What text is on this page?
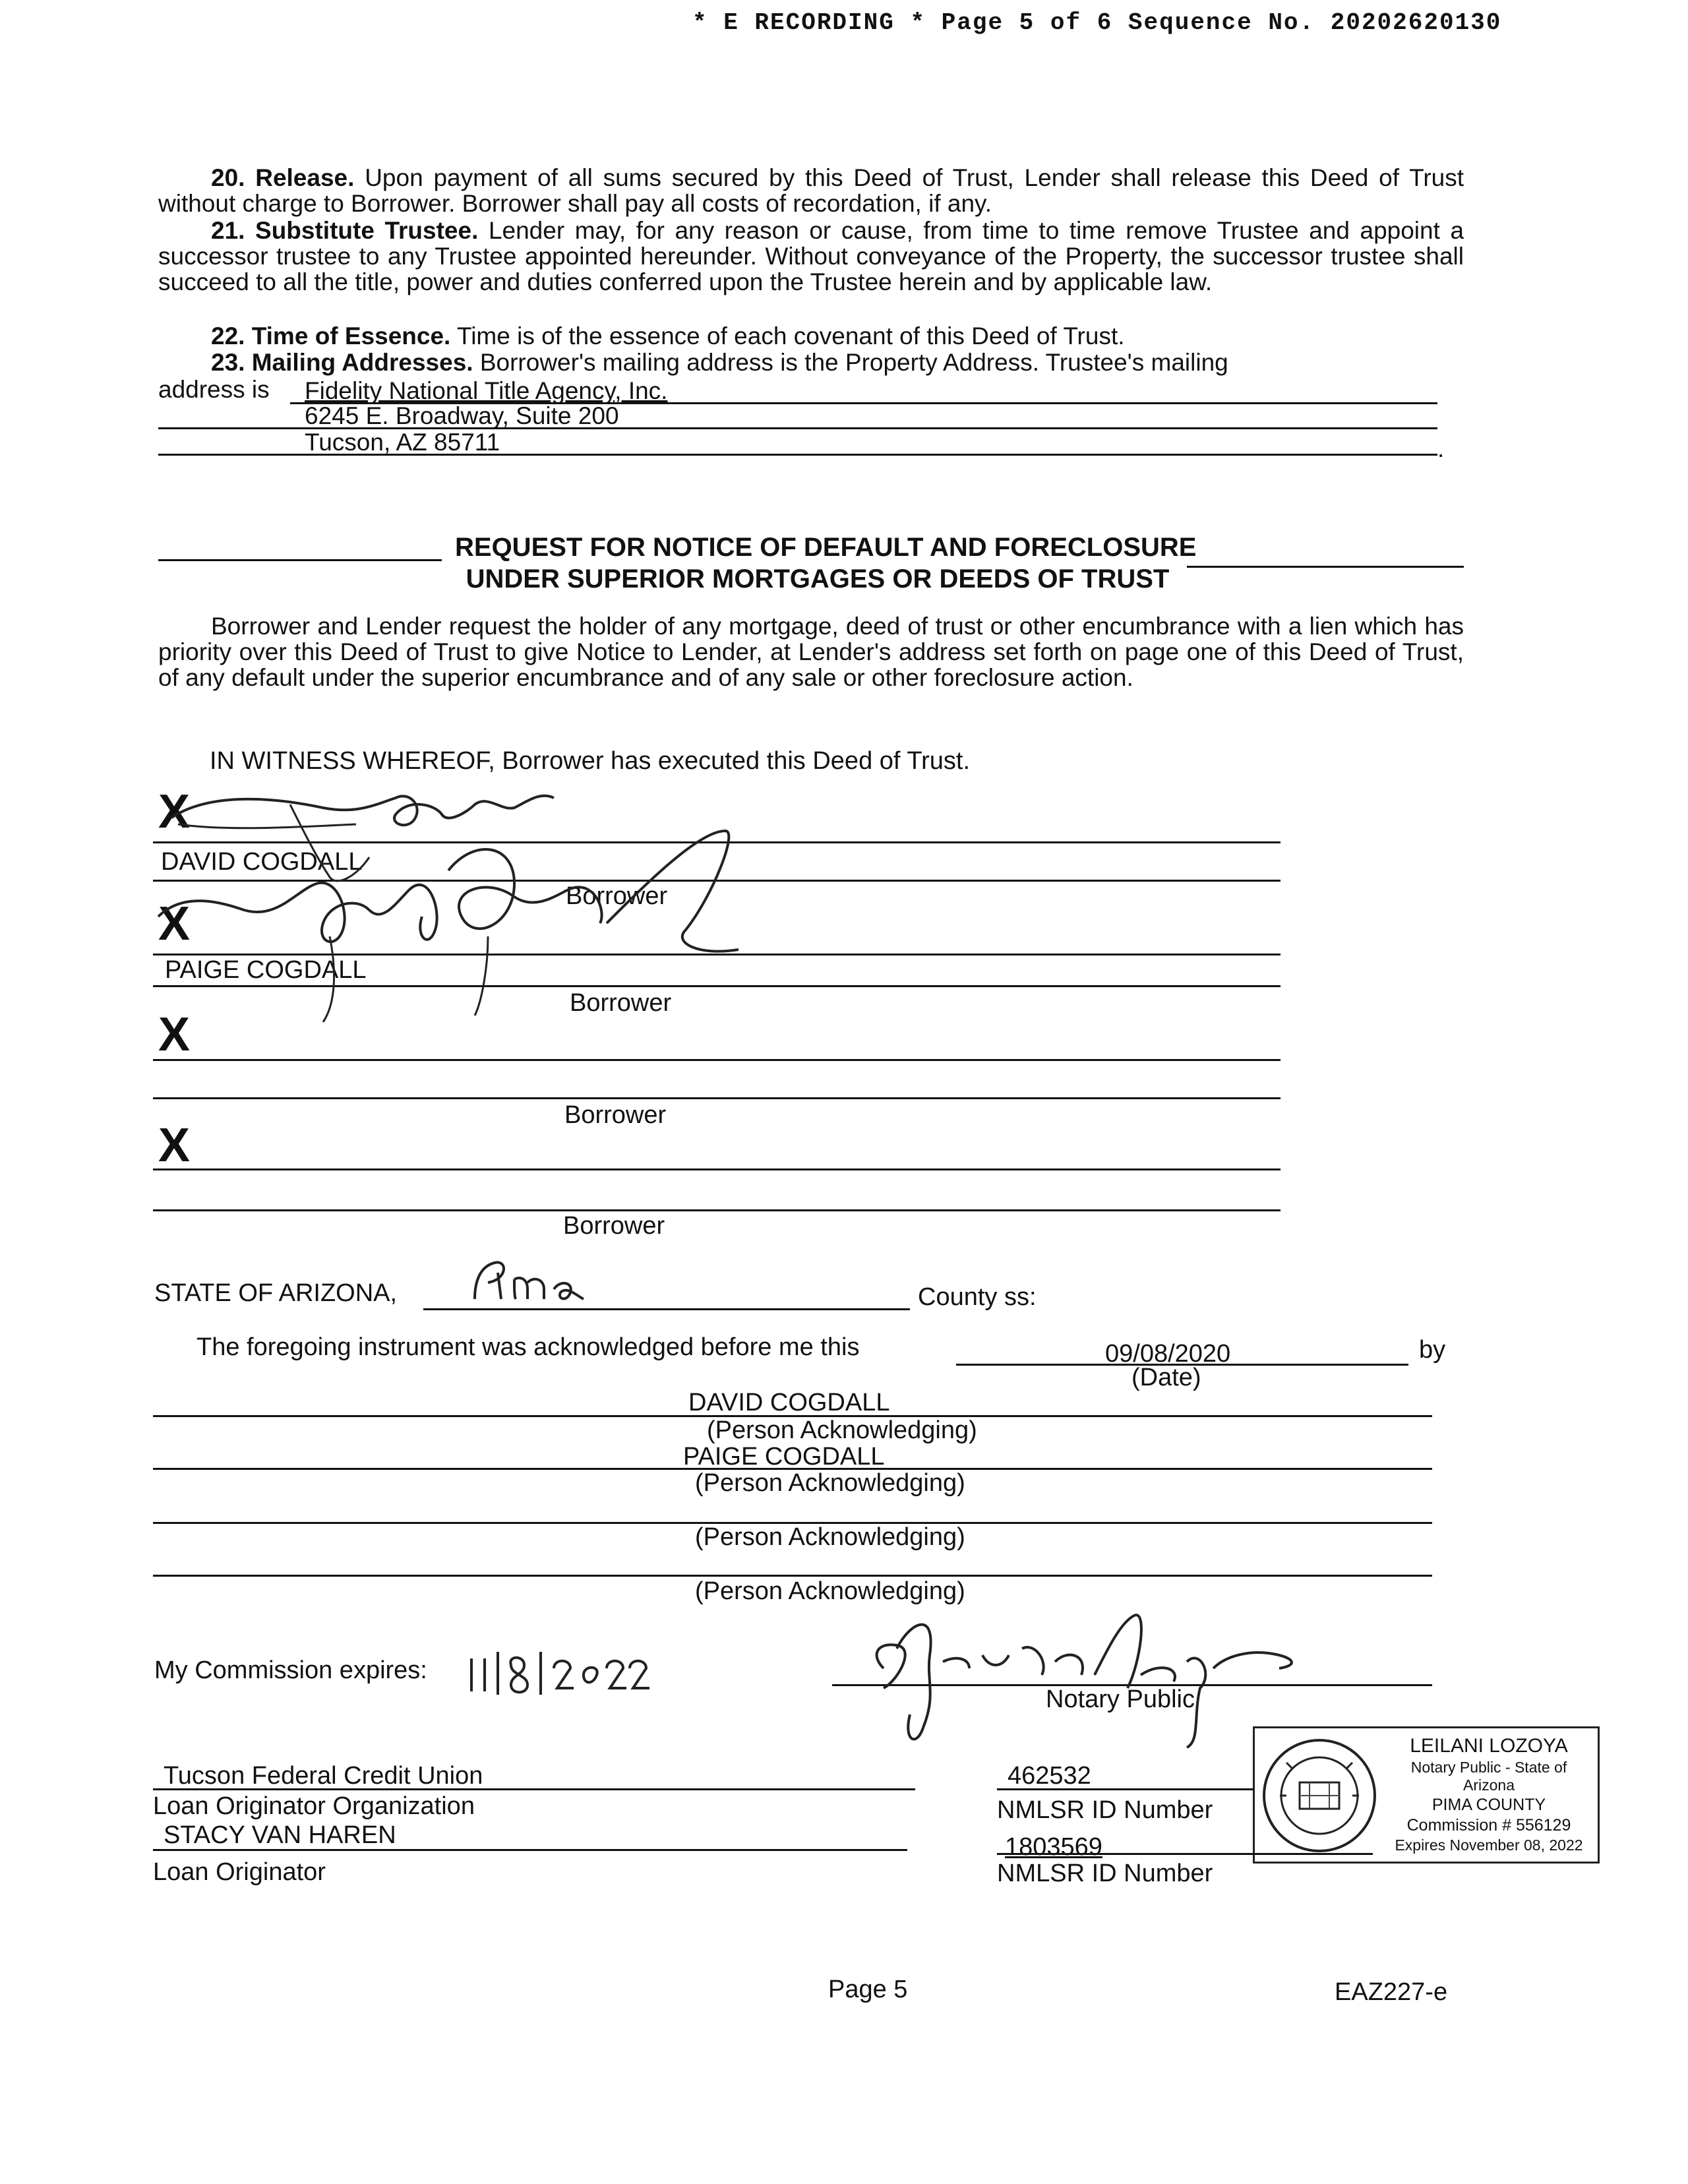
* E RECORDING * Page 5 of 6 Sequence No. 20202620130
20. Release. Upon payment of all sums secured by this Deed of Trust, Lender shall release this Deed of Trust without charge to Borrower. Borrower shall pay all costs of recordation, if any.
21. Substitute Trustee. Lender may, for any reason or cause, from time to time remove Trustee and appoint a successor trustee to any Trustee appointed hereunder. Without conveyance of the Property, the successor trustee shall succeed to all the title, power and duties conferred upon the Trustee herein and by applicable law.
22. Time of Essence. Time is of the essence of each covenant of this Deed of Trust.
23. Mailing Addresses. Borrower's mailing address is the Property Address. Trustee's mailing
address is Fidelity National Title Agency, Inc.
6245 E. Broadway, Suite 200
Tucson, AZ 85711	.
REQUEST FOR NOTICE OF DEFAULT AND FORECLOSURE
UNDER SUPERIOR MORTGAGES OR DEEDS OF TRUST
Borrower and Lender request the holder of any mortgage, deed of trust or other encumbrance with a lien which has priority over this Deed of Trust to give Notice to Lender, at Lender's address set forth on page one of this Deed of Trust, of any default under the superior encumbrance and of any sale or other foreclosure action.
IN WITNESS WHEREOF, Borrower has executed this Deed of Trust.
X
DAVID COGDALL
Borrower
X
PAIGE COGDALL
Borrower
X
Borrower
X
Borrower
STATE OF ARIZONA,	County ss:
The foregoing instrument was acknowledged before me this	09/08/2020	by
(Date)
DAVID COGDALL
(Person Acknowledging)
PAIGE COGDALL
(Person Acknowledging)
(Person Acknowledging)
(Person Acknowledging)
My Commission expires:
Notary Public
LEILANI LOZOYA
Notary Public - State of Arizona
PIMA COUNTY
Commission # 556129
Expires November 08, 2022
Tucson Federal Credit Union
Loan Originator Organization
462532
NMLSR ID Number
STACY VAN HAREN
Loan Originator
1803569
NMLSR ID Number
Page 5	EAZ227-e
